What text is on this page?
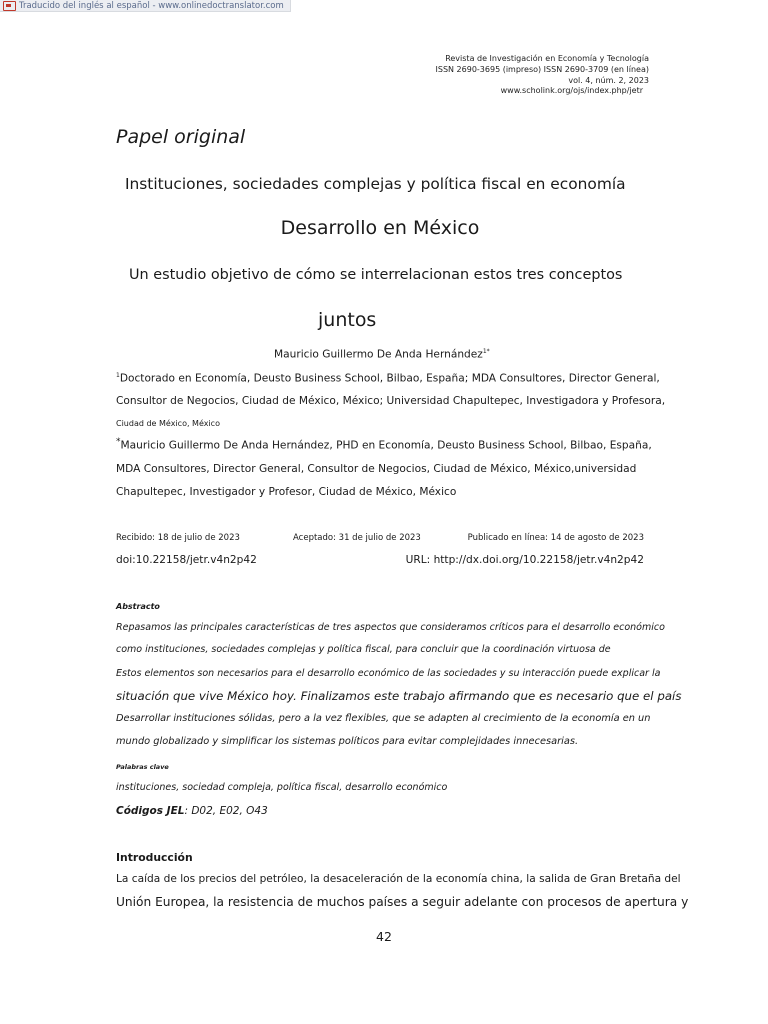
Traducido del inglés al español - www.onlinedoctranslator.com
Revista de Investigación en Economía y Tecnología
ISSN 2690-3695 (impreso) ISSN 2690-3709 (en línea)
vol. 4, núm. 2, 2023
www.scholink.org/ojs/index.php/jetr
Papel original
Instituciones, sociedades complejas y política fiscal en economía
Desarrollo en México
Un estudio objetivo de cómo se interrelacionan estos tres conceptos
juntos
Mauricio Guillermo De Anda Hernández$^{1*}$
$^1$Doctorado en Economía, Deusto Business School, Bilbao, España; MDA Consultores, Director General,
Consultor de Negocios, Ciudad de México, México; Universidad Chapultepec, Investigadora y Profesora,
Ciudad de México, México
*Mauricio Guillermo De Anda Hernández, PHD en Economía, Deusto Business School, Bilbao, España,
MDA Consultores, Director General, Consultor de Negocios, Ciudad de México, México,universidad
Chapultepec, Investigador y Profesor, Ciudad de México, México
Recibido: 18 de julio de 2023	Aceptado: 31 de julio de 2023	Publicado en línea: 14 de agosto de 2023
doi:10.22158/jetr.v4n2p42	URL: http://dx.doi.org/10.22158/jetr.v4n2p42
Abstracto
Repasamos las principales características de tres aspectos que consideramos críticos para el desarrollo económico
como instituciones, sociedades complejas y política fiscal, para concluir que la coordinación virtuosa de
Estos elementos son necesarios para el desarrollo económico de las sociedades y su interacción puede explicar la
situación que vive México hoy. Finalizamos este trabajo afirmando que es necesario que el país
Desarrollar instituciones sólidas, pero a la vez flexibles, que se adapten al crecimiento de la economía en un
mundo globalizado y simplificar los sistemas políticos para evitar complejidades innecesarias.
Palabras clave
instituciones, sociedad compleja, política fiscal, desarrollo económico
Códigos JEL: D02, E02, O43
Introducción
La caída de los precios del petróleo, la desaceleración de la economía china, la salida de Gran Bretaña del
Unión Europea, la resistencia de muchos países a seguir adelante con procesos de apertura y
42
